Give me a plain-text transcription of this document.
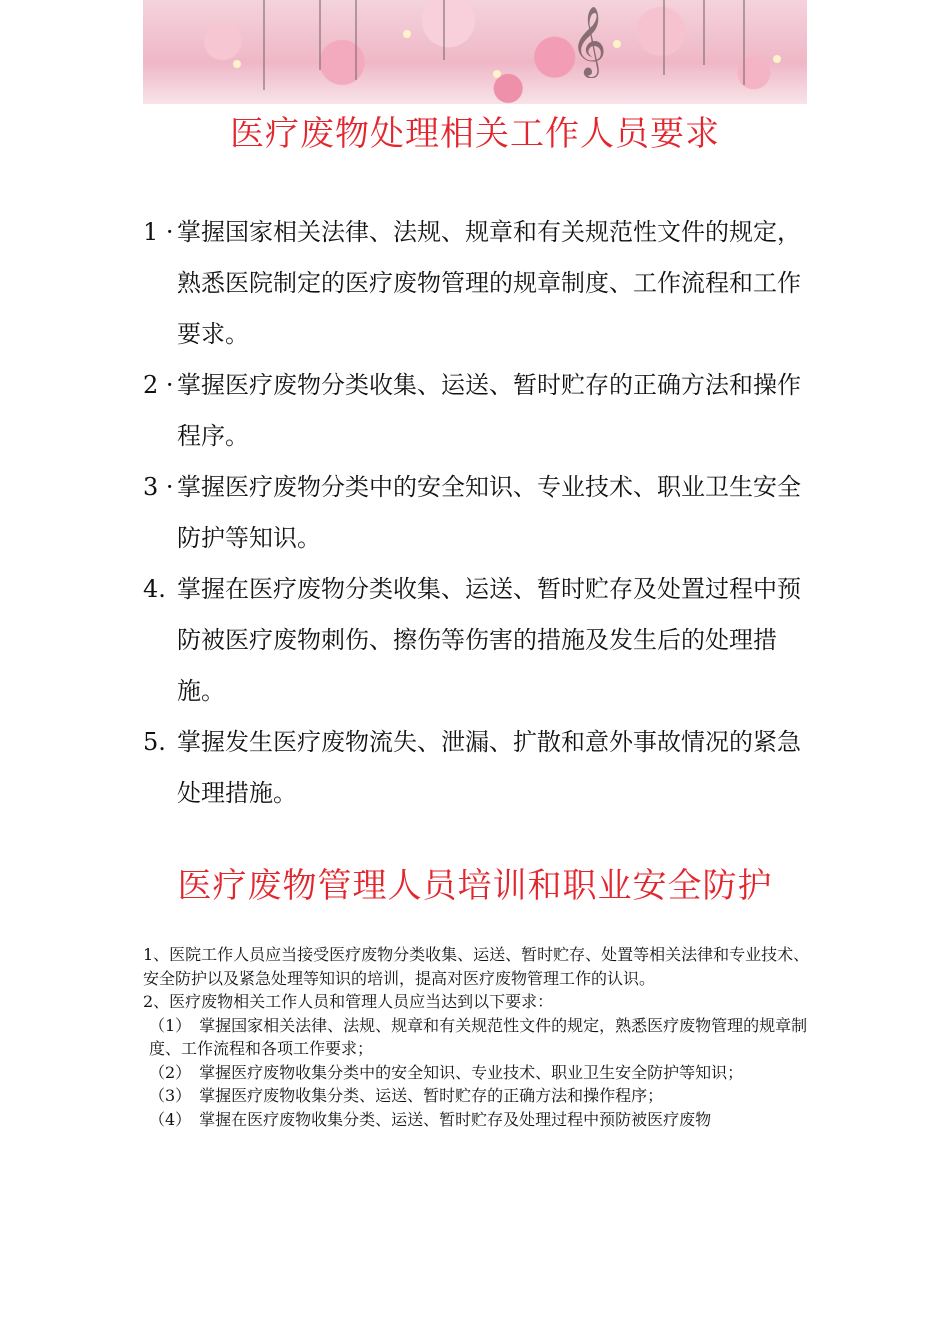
𝄞
医疗废物处理相关工作人员要求
1 · 掌握国家相关法律、法规、规章和有关规范性文件的规定，熟悉医院制定的医疗废物管理的规章制度、工作流程和工作要求。
2 · 掌握医疗废物分类收集、运送、暂时贮存的正确方法和操作程序。
3 · 掌握医疗废物分类中的安全知识、专业技术、职业卫生安全防护等知识。
4. 掌握在医疗废物分类收集、运送、暂时贮存及处置过程中预防被医疗废物刺伤、擦伤等伤害的措施及发生后的处理措施。
5. 掌握发生医疗废物流失、泄漏、扩散和意外事故情况的紧急处理措施。
医疗废物管理人员培训和职业安全防护

1、医院工作人员应当接受医疗废物分类收集、运送、暂时贮存、处置等相关法律和专业技术、安全防护以及紧急处理等知识的培训，提高对医疗废物管理工作的认识。

2、医疗废物相关工作人员和管理人员应当达到以下要求：

（1）　掌握国家相关法律、法规、规章和有关规范性文件的规定，熟悉医疗废物管理的规章制度、工作流程和各项工作要求；

（2）　掌握医疗废物收集分类中的安全知识、专业技术、职业卫生安全防护等知识；

（3）　掌握医疗废物收集分类、运送、暂时贮存的正确方法和操作程序；

（4）　掌握在医疗废物收集分类、运送、暂时贮存及处理过程中预防被医疗废物
